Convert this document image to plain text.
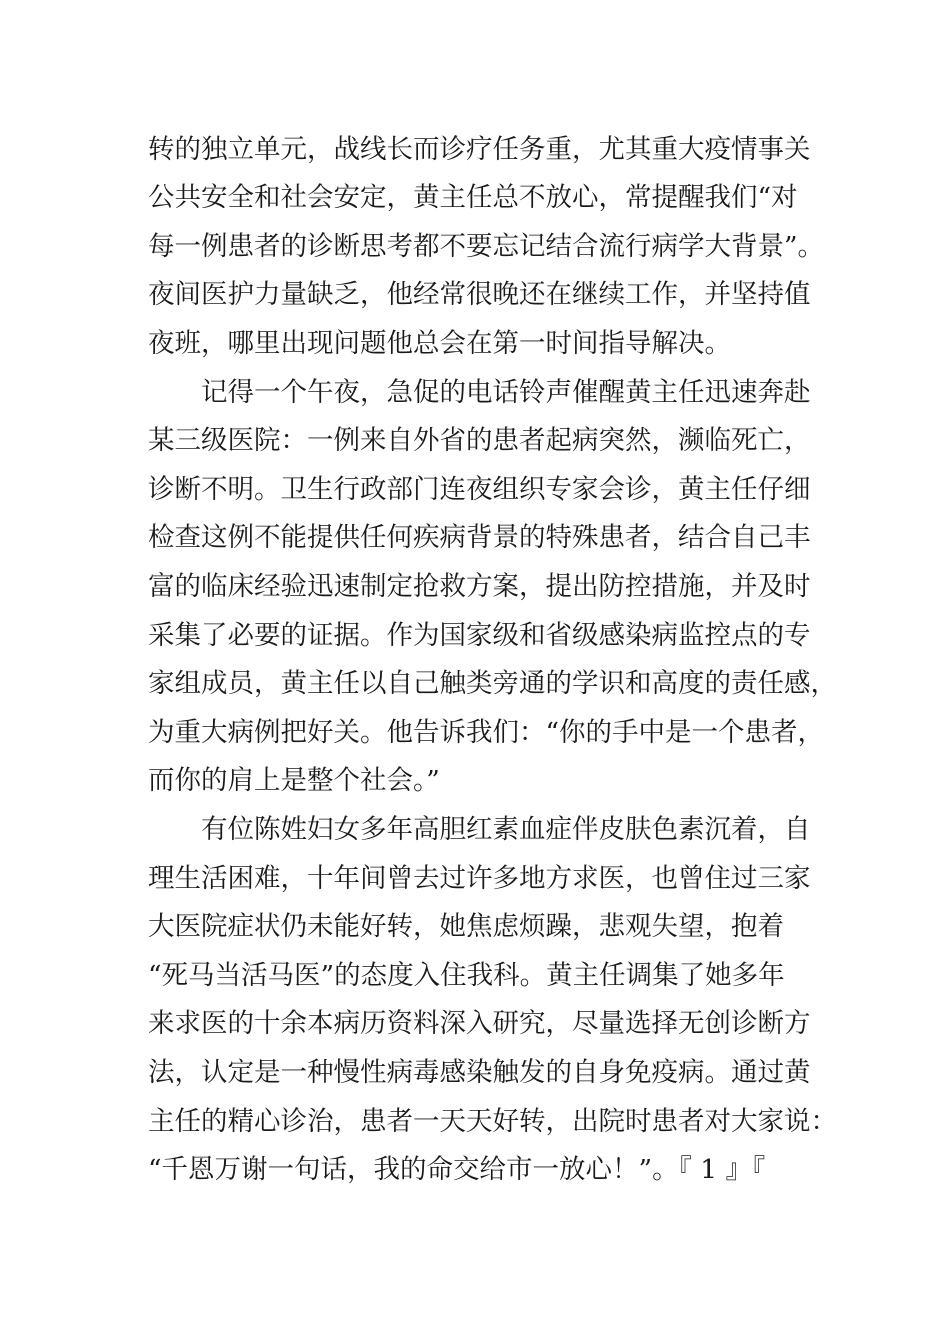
转的独立单元，战线长而诊疗任务重，尤其重大疫情事关
公共安全和社会安定，黄主任总不放心，常提醒我们“对
每一例患者的诊断思考都不要忘记结合流行病学大背景”。
夜间医护力量缺乏，他经常很晚还在继续工作，并坚持值
夜班，哪里出现问题他总会在第一时间指导解决。
记得一个午夜，急促的电话铃声催醒黄主任迅速奔赴
某三级医院：一例来自外省的患者起病突然，濒临死亡，
诊断不明。卫生行政部门连夜组织专家会诊，黄主任仔细
检查这例不能提供任何疾病背景的特殊患者，结合自己丰
富的临床经验迅速制定抢救方案，提出防控措施，并及时
采集了必要的证据。作为国家级和省级感染病监控点的专
家组成员，黄主任以自己触类旁通的学识和高度的责任感，
为重大病例把好关。他告诉我们：“你的手中是一个患者，
而你的肩上是整个社会。”
有位陈姓妇女多年高胆红素血症伴皮肤色素沉着，自
理生活困难，十年间曾去过许多地方求医，也曾住过三家
大医院症状仍未能好转，她焦虑烦躁，悲观失望，抱着
“死马当活马医”的态度入住我科。黄主任调集了她多年
来求医的十余本病历资料深入研究，尽量选择无创诊断方
法，认定是一种慢性病毒感染触发的自身免疫病。通过黄
主任的精心诊治，患者一天天好转，出院时患者对大家说：
“千恩万谢一句话，我的命交给市一放心！”。『 1 』『
